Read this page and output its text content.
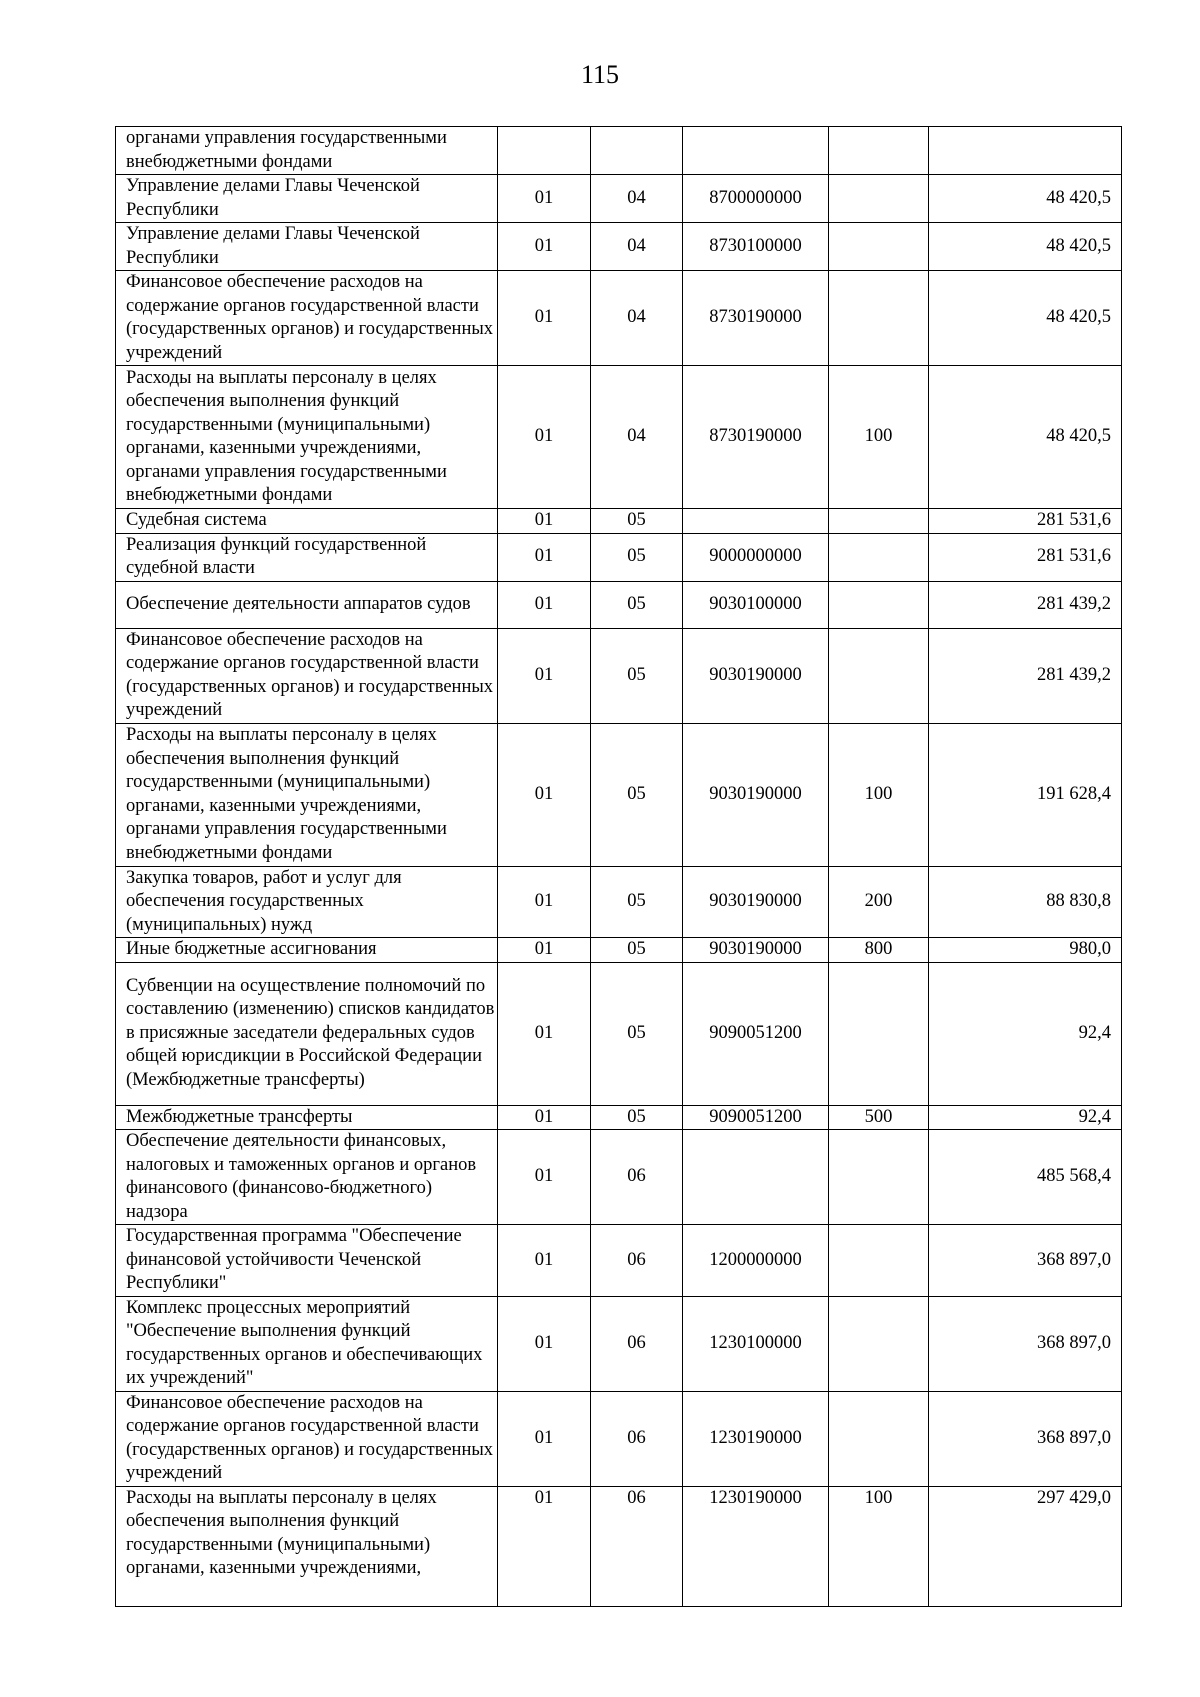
115
органами управления государственными внебюджетными фондами					
Управление делами Главы Чеченской Республики	01	04	8700000000		48 420,5
Управление делами Главы Чеченской Республики	01	04	8730100000		48 420,5
Финансовое обеспечение расходов на содержание органов государственной власти (государственных органов) и государственных учреждений	01	04	8730190000		48 420,5
Расходы на выплаты персоналу в целях обеспечения выполнения функций государственными (муниципальными) органами, казенными учреждениями, органами управления государственными внебюджетными фондами	01	04	8730190000	100	48 420,5
Судебная система	01	05			281 531,6
Реализация функций государственной судебной власти	01	05	9000000000		281 531,6
Обеспечение деятельности аппаратов судов	01	05	9030100000		281 439,2
Финансовое обеспечение расходов на содержание органов государственной власти (государственных органов) и государственных учреждений	01	05	9030190000		281 439,2
Расходы на выплаты персоналу в целях обеспечения выполнения функций государственными (муниципальными) органами, казенными учреждениями, органами управления государственными внебюджетными фондами	01	05	9030190000	100	191 628,4
Закупка товаров, работ и услуг для обеспечения государственных (муниципальных) нужд	01	05	9030190000	200	88 830,8
Иные бюджетные ассигнования	01	05	9030190000	800	980,0
Субвенции на осуществление полномочий по составлению (изменению) списков кандидатов в присяжные заседатели федеральных судов общей юрисдикции в Российской Федерации (Межбюджетные трансферты)	01	05	9090051200		92,4
Межбюджетные трансферты	01	05	9090051200	500	92,4
Обеспечение деятельности финансовых, налоговых и таможенных органов и органов финансового (финансово-бюджетного) надзора	01	06			485 568,4
Государственная программа "Обеспечение финансовой устойчивости Чеченской Республики"	01	06	1200000000		368 897,0
Комплекс процессных мероприятий "Обеспечение выполнения функций государственных органов и обеспечивающих их учреждений"	01	06	1230100000		368 897,0
Финансовое обеспечение расходов на содержание органов государственной власти (государственных органов) и государственных учреждений	01	06	1230190000		368 897,0
Расходы на выплаты персоналу в целях обеспечения выполнения функций государственными (муниципальными) органами, казенными учреждениями,	01	06	1230190000	100	297 429,0
